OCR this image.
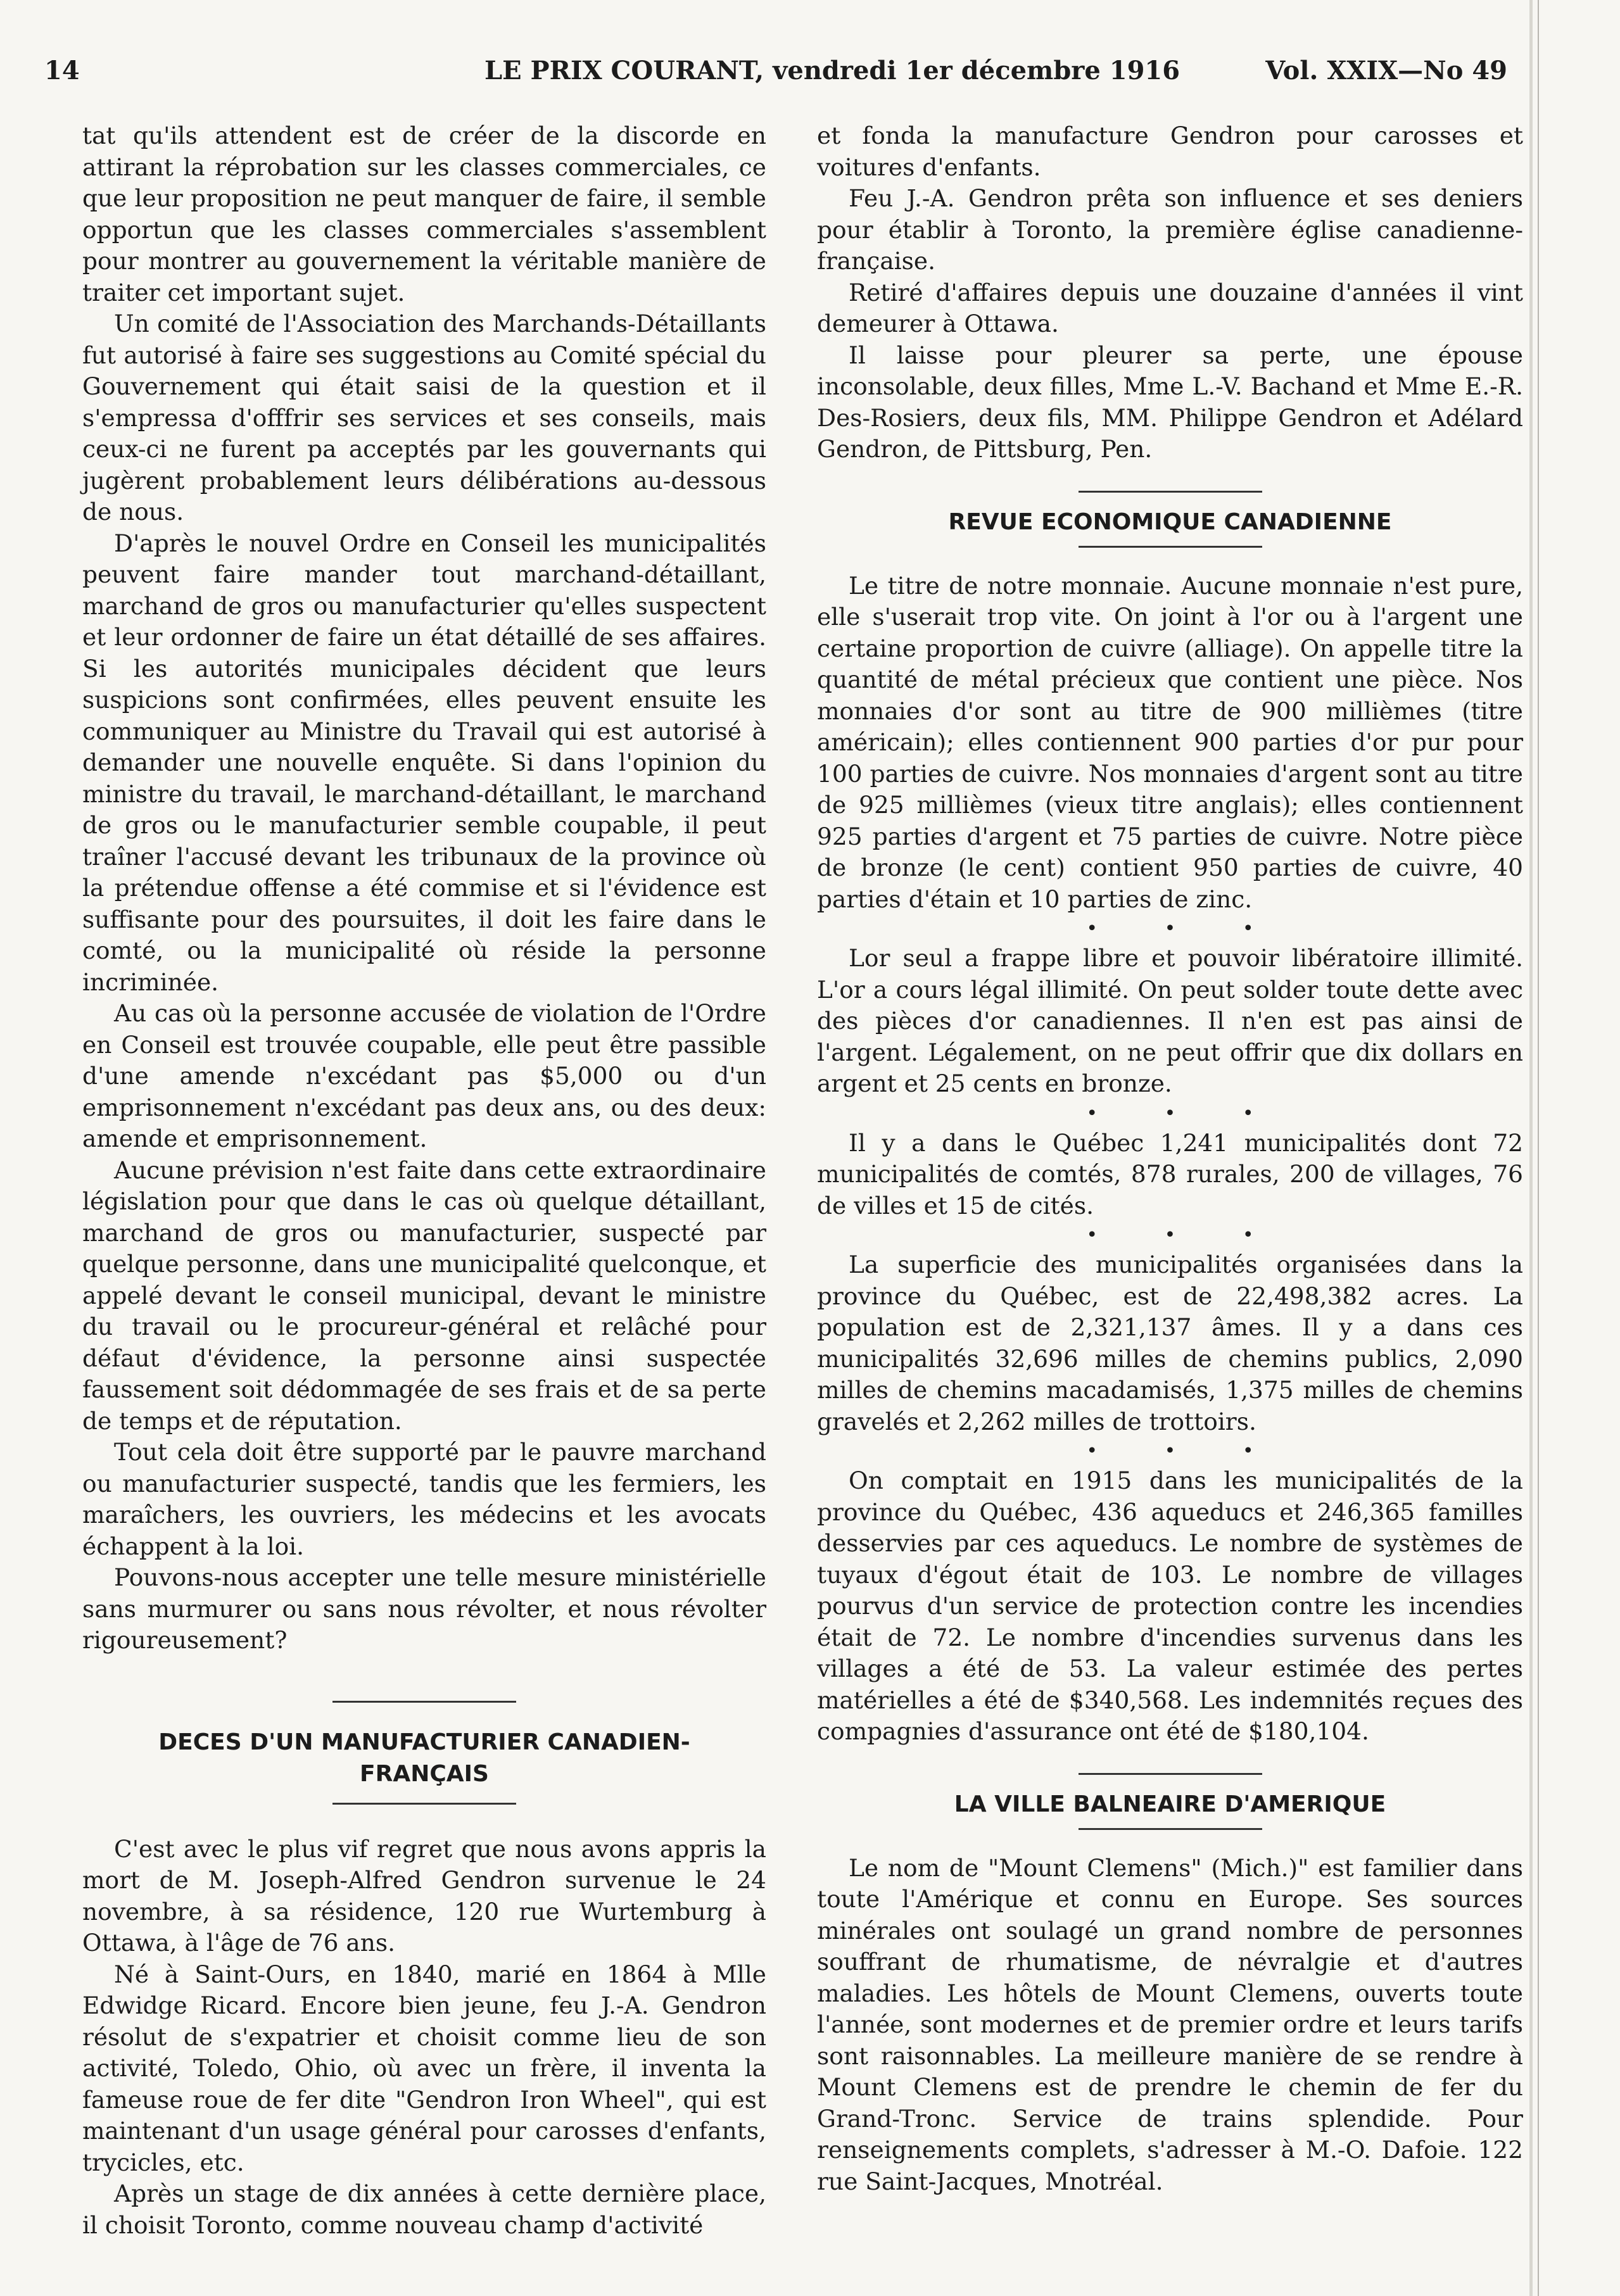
14	LE PRIX COURANT, vendredi 1er décembre 1916	Vol. XXIX—No 49

tat qu'ils attendent est de créer de la discorde en attirant la réprobation sur les classes commerciales, ce que leur proposition ne peut manquer de faire, il semble opportun que les classes commerciales s'assemblent pour montrer au gouvernement la véritable manière de traiter cet important sujet.

Un comité de l'Association des Marchands-Détaillants fut autorisé à faire ses suggestions au Comité spécial du Gouvernement qui était saisi de la question et il s'empressa d'offfrir ses services et ses conseils, mais ceux-ci ne furent pa acceptés par les gouvernants qui jugèrent probablement leurs délibérations au-dessous de nous.

D'après le nouvel Ordre en Conseil les municipalités peuvent faire mander tout marchand-détaillant, marchand de gros ou manufacturier qu'elles suspectent et leur ordonner de faire un état détaillé de ses affaires. Si les autorités municipales décident que leurs suspicions sont confirmées, elles peuvent ensuite les communiquer au Ministre du Travail qui est autorisé à demander une nouvelle enquête. Si dans l'opinion du ministre du travail, le marchand-détaillant, le marchand de gros ou le manufacturier semble coupable, il peut traîner l'accusé devant les tribunaux de la province où la prétendue offense a été commise et si l'évidence est suffisante pour des poursuites, il doit les faire dans le comté, ou la municipalité où réside la personne incriminée.

Au cas où la personne accusée de violation de l'Ordre en Conseil est trouvée coupable, elle peut être passible d'une amende n'excédant pas $5,000 ou d'un emprisonnement n'excédant pas deux ans, ou des deux: amende et emprisonnement.

Aucune prévision n'est faite dans cette extraordinaire législation pour que dans le cas où quelque détaillant, marchand de gros ou manufacturier, suspecté par quelque personne, dans une municipalité quelconque, et appelé devant le conseil municipal, devant le ministre du travail ou le procureur-général et relâché pour défaut d'évidence, la personne ainsi suspectée faussement soit dédommagée de ses frais et de sa perte de temps et de réputation.

Tout cela doit être supporté par le pauvre marchand ou manufacturier suspecté, tandis que les fermiers, les maraîchers, les ouvriers, les médecins et les avocats échappent à la loi.

Pouvons-nous accepter une telle mesure ministérielle sans murmurer ou sans nous révolter, et nous révolter rigoureusement?

DECES D'UN MANUFACTURIER CANADIEN-
FRANÇAIS

C'est avec le plus vif regret que nous avons appris la mort de M. Joseph-Alfred Gendron survenue le 24 novembre, à sa résidence, 120 rue Wurtemburg à Ottawa, à l'âge de 76 ans.

Né à Saint-Ours, en 1840, marié en 1864 à Mlle Edwidge Ricard. Encore bien jeune, feu J.-A. Gendron résolut de s'expatrier et choisit comme lieu de son activité, Toledo, Ohio, où avec un frère, il inventa la fameuse roue de fer dite "Gendron Iron Wheel", qui est maintenant d'un usage général pour carosses d'enfants, trycicles, etc.

Après un stage de dix années à cette dernière place, il choisit Toronto, comme nouveau champ d'activité

et fonda la manufacture Gendron pour carosses et voitures d'enfants.

Feu J.-A. Gendron prêta son influence et ses deniers pour établir à Toronto, la première église canadienne-française.

Retiré d'affaires depuis une douzaine d'années il vint demeurer à Ottawa.

Il laisse pour pleurer sa perte, une épouse inconsolable, deux filles, Mme L.-V. Bachand et Mme E.-R. Des-Rosiers, deux fils, MM. Philippe Gendron et Adélard Gendron, de Pittsburg, Pen.

REVUE ECONOMIQUE CANADIENNE

Le titre de notre monnaie. Aucune monnaie n'est pure, elle s'userait trop vite. On joint à l'or ou à l'argent une certaine proportion de cuivre (alliage). On appelle titre la quantité de métal précieux que contient une pièce. Nos monnaies d'or sont au titre de 900 millièmes (titre américain); elles contiennent 900 parties d'or pur pour 100 parties de cuivre. Nos monnaies d'argent sont au titre de 925 millièmes (vieux titre anglais); elles contiennent 925 parties d'argent et 75 parties de cuivre. Notre pièce de bronze (le cent) contient 950 parties de cuivre, 40 parties d'étain et 10 parties de zinc.

• • •

Lor seul a frappe libre et pouvoir libératoire illimité. L'or a cours légal illimité. On peut solder toute dette avec des pièces d'or canadiennes. Il n'en est pas ainsi de l'argent. Légalement, on ne peut offrir que dix dollars en argent et 25 cents en bronze.

• • •

Il y a dans le Québec 1,241 municipalités dont 72 municipalités de comtés, 878 rurales, 200 de villages, 76 de villes et 15 de cités.

• • •

La superficie des municipalités organisées dans la province du Québec, est de 22,498,382 acres. La population est de 2,321,137 âmes. Il y a dans ces municipalités 32,696 milles de chemins publics, 2,090 milles de chemins macadamisés, 1,375 milles de chemins gravelés et 2,262 milles de trottoirs.

• • •

On comptait en 1915 dans les municipalités de la province du Québec, 436 aqueducs et 246,365 familles desservies par ces aqueducs. Le nombre de systèmes de tuyaux d'égout était de 103. Le nombre de villages pourvus d'un service de protection contre les incendies était de 72. Le nombre d'incendies survenus dans les villages a été de 53. La valeur estimée des pertes matérielles a été de $340,568. Les indemnités reçues des compagnies d'assurance ont été de $180,104.

LA VILLE BALNEAIRE D'AMERIQUE

Le nom de "Mount Clemens" (Mich.)" est familier dans toute l'Amérique et connu en Europe. Ses sources minérales ont soulagé un grand nombre de personnes souffrant de rhumatisme, de névralgie et d'autres maladies. Les hôtels de Mount Clemens, ouverts toute l'année, sont modernes et de premier ordre et leurs tarifs sont raisonnables. La meilleure manière de se rendre à Mount Clemens est de prendre le chemin de fer du Grand-Tronc. Service de trains splendide. Pour renseignements complets, s'adresser à M.-O. Dafoie. 122 rue Saint-Jacques, Mnotréal.
